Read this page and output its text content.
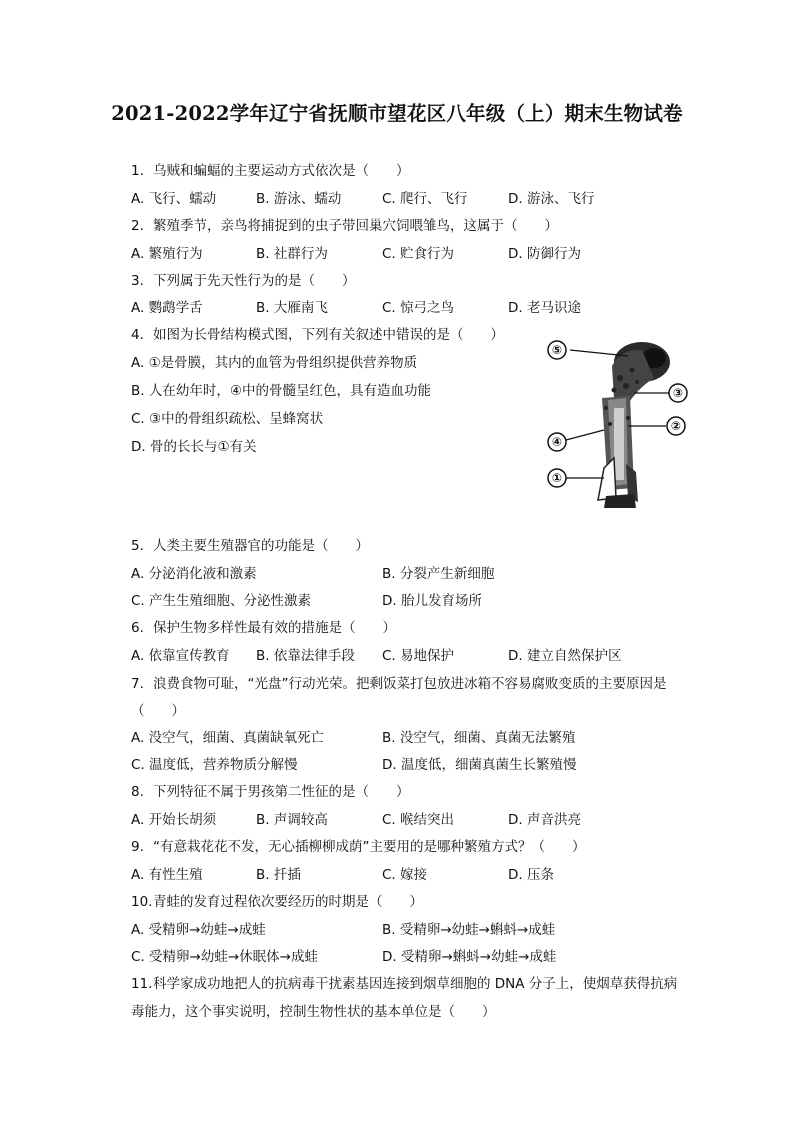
2021-2022学年辽宁省抚顺市望花区八年级（上）期末生物试卷
1. 乌贼和蝙蝠的主要运动方式依次是（　　）
A. 飞行、蠕动	B. 游泳、蠕动	C. 爬行、飞行	D. 游泳、飞行
2. 繁殖季节，亲鸟将捕捉到的虫子带回巢穴饲喂雏鸟，这属于（　　）
A. 繁殖行为	B. 社群行为	C. 贮食行为	D. 防御行为
3. 下列属于先天性行为的是（　　）
A. 鹦鹉学舌	B. 大雁南飞	C. 惊弓之鸟	D. 老马识途
4. 如图为长骨结构模式图，下列有关叙述中错误的是（　　）
A. ①是骨膜，其内的血管为骨组织提供营养物质
B. 人在幼年时，④中的骨髓呈红色，具有造血功能
C. ③中的骨组织疏松、呈蜂窝状
D. 骨的长长与①有关
⑤
③
②
④
①
5. 人类主要生殖器官的功能是（　　）
A. 分泌消化液和激素	B. 分裂产生新细胞
C. 产生生殖细胞、分泌性激素	D. 胎儿发育场所
6. 保护生物多样性最有效的措施是（　　）
A. 依靠宣传教育 B. 依靠法律手段 C. 易地保护	D. 建立自然保护区
7. 浪费食物可耻，“光盘”行动光荣。把剩饭菜打包放进冰箱不容易腐败变质的主要原因是
（　　）
A. 没空气，细菌、真菌缺氧死亡	B. 没空气，细菌、真菌无法繁殖
C. 温度低，营养物质分解慢	D. 温度低，细菌真菌生长繁殖慢
8. 下列特征不属于男孩第二性征的是（　　）
A. 开始长胡须	B. 声调较高	C. 喉结突出	D. 声音洪亮
9. “有意栽花花不发，无心插柳柳成荫”主要用的是哪种繁殖方式？（　　）
A. 有性生殖	B. 扦插	C. 嫁接	D. 压条
10.青蛙的发育过程依次要经历的时期是（　　）
A. 受精卵→幼蛙→成蛙	B. 受精卵→幼蛙→蝌蚪→成蛙
C. 受精卵→幼蛙→休眠体→成蛙	D. 受精卵→蝌蚪→幼蛙→成蛙
11.科学家成功地把人的抗病毒干扰素基因连接到烟草细胞的 DNA 分子上，使烟草获得抗病
毒能力，这个事实说明，控制生物性状的基本单位是（　　）
